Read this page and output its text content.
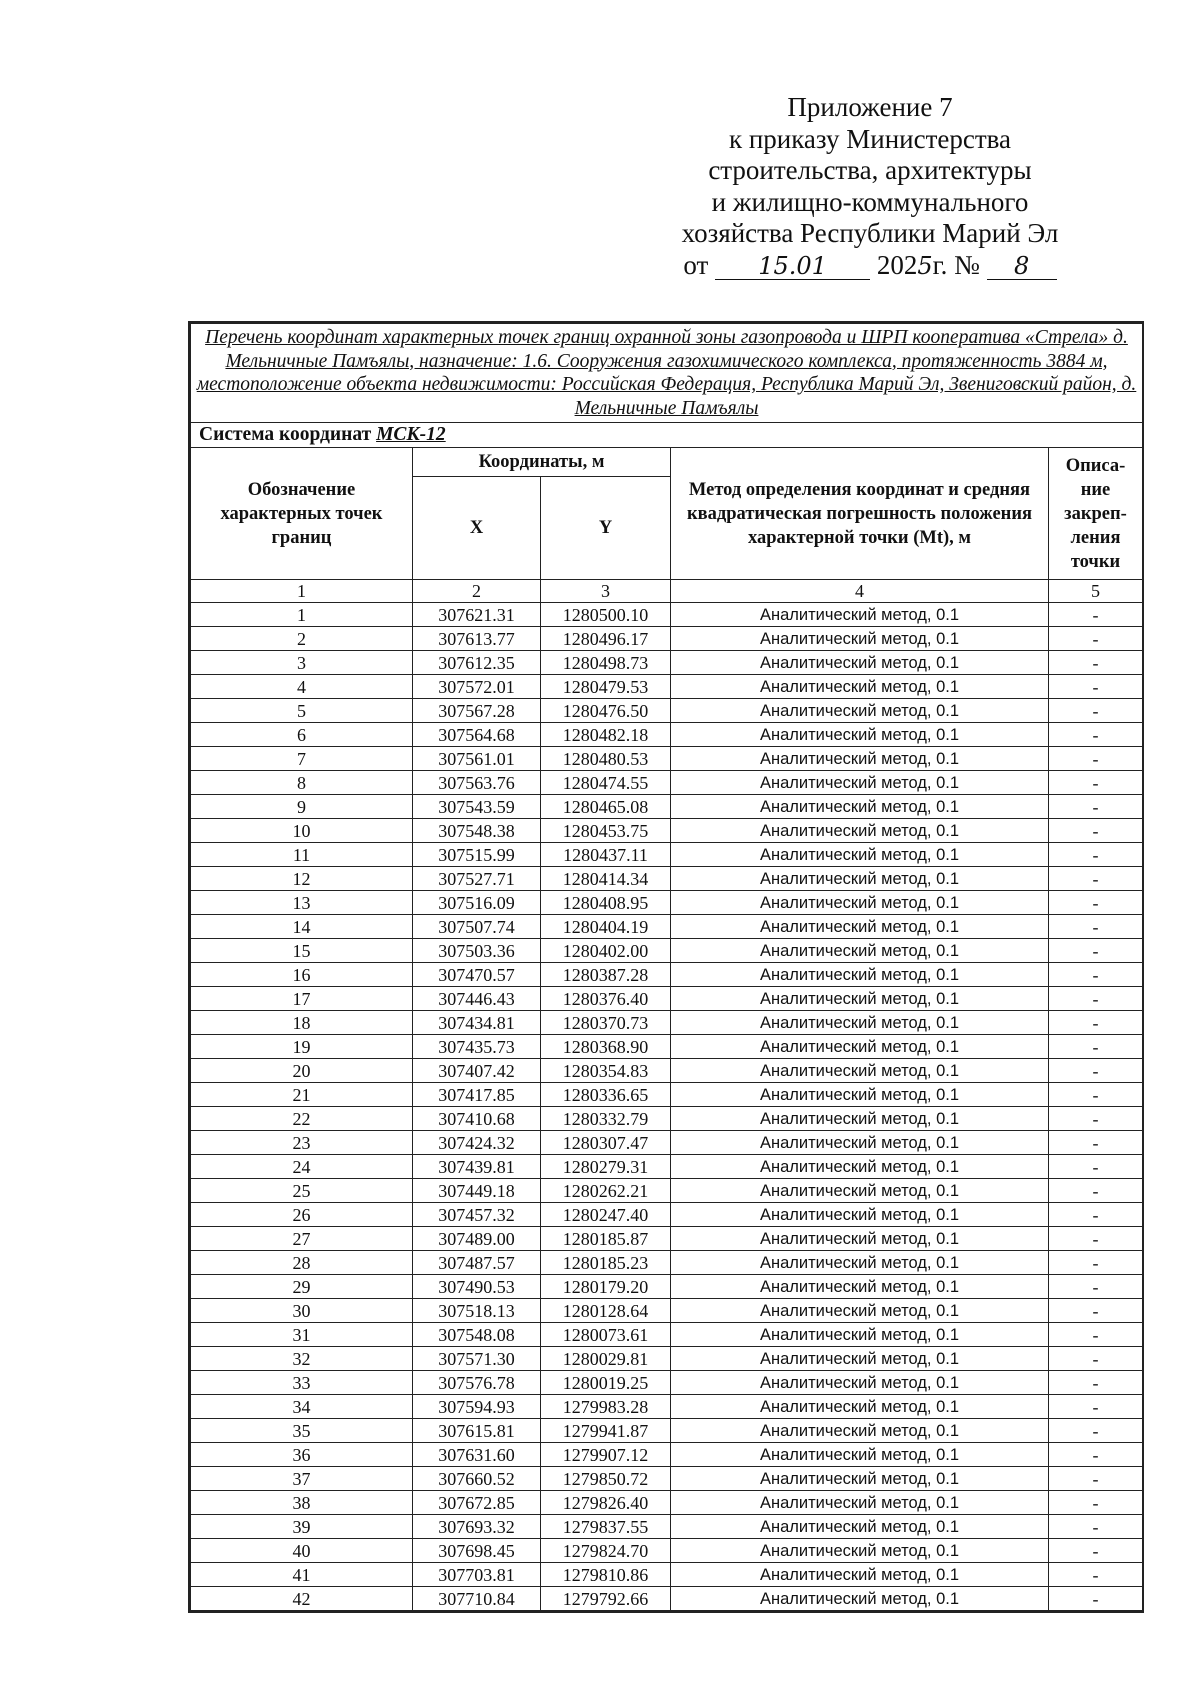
Приложение 7
к приказу Министерства
строительства, архитектуры
и жилищно-коммунального
хозяйства Республики Марий Эл
от 15.01 2025г. № 8
Перечень координат характерных точек границ охранной зоны газопровода и ШРП кооператива «Стрела» д. Мельничные Памъялы, назначение: 1.6. Сооружения газохимического комплекса, протяженность 3884 м, местоположение объекта недвижимости: Российская Федерация, Республика Марий Эл, Звениговский район, д. Мельничные Памъялы				
Система координат МСК-12				
Обозначение характерных точек границ	Координаты, м		Метод определения координат и средняя квадратическая погрешность положения характерной точки (Mt), м	Описа-ние закреп-ления точки
	X	Y		
1	2	3	4	5
1	307621.31	1280500.10	Аналитический метод, 0.1	-
2	307613.77	1280496.17	Аналитический метод, 0.1	-
3	307612.35	1280498.73	Аналитический метод, 0.1	-
4	307572.01	1280479.53	Аналитический метод, 0.1	-
5	307567.28	1280476.50	Аналитический метод, 0.1	-
6	307564.68	1280482.18	Аналитический метод, 0.1	-
7	307561.01	1280480.53	Аналитический метод, 0.1	-
8	307563.76	1280474.55	Аналитический метод, 0.1	-
9	307543.59	1280465.08	Аналитический метод, 0.1	-
10	307548.38	1280453.75	Аналитический метод, 0.1	-
11	307515.99	1280437.11	Аналитический метод, 0.1	-
12	307527.71	1280414.34	Аналитический метод, 0.1	-
13	307516.09	1280408.95	Аналитический метод, 0.1	-
14	307507.74	1280404.19	Аналитический метод, 0.1	-
15	307503.36	1280402.00	Аналитический метод, 0.1	-
16	307470.57	1280387.28	Аналитический метод, 0.1	-
17	307446.43	1280376.40	Аналитический метод, 0.1	-
18	307434.81	1280370.73	Аналитический метод, 0.1	-
19	307435.73	1280368.90	Аналитический метод, 0.1	-
20	307407.42	1280354.83	Аналитический метод, 0.1	-
21	307417.85	1280336.65	Аналитический метод, 0.1	-
22	307410.68	1280332.79	Аналитический метод, 0.1	-
23	307424.32	1280307.47	Аналитический метод, 0.1	-
24	307439.81	1280279.31	Аналитический метод, 0.1	-
25	307449.18	1280262.21	Аналитический метод, 0.1	-
26	307457.32	1280247.40	Аналитический метод, 0.1	-
27	307489.00	1280185.87	Аналитический метод, 0.1	-
28	307487.57	1280185.23	Аналитический метод, 0.1	-
29	307490.53	1280179.20	Аналитический метод, 0.1	-
30	307518.13	1280128.64	Аналитический метод, 0.1	-
31	307548.08	1280073.61	Аналитический метод, 0.1	-
32	307571.30	1280029.81	Аналитический метод, 0.1	-
33	307576.78	1280019.25	Аналитический метод, 0.1	-
34	307594.93	1279983.28	Аналитический метод, 0.1	-
35	307615.81	1279941.87	Аналитический метод, 0.1	-
36	307631.60	1279907.12	Аналитический метод, 0.1	-
37	307660.52	1279850.72	Аналитический метод, 0.1	-
38	307672.85	1279826.40	Аналитический метод, 0.1	-
39	307693.32	1279837.55	Аналитический метод, 0.1	-
40	307698.45	1279824.70	Аналитический метод, 0.1	-
41	307703.81	1279810.86	Аналитический метод, 0.1	-
42	307710.84	1279792.66	Аналитический метод, 0.1	-
